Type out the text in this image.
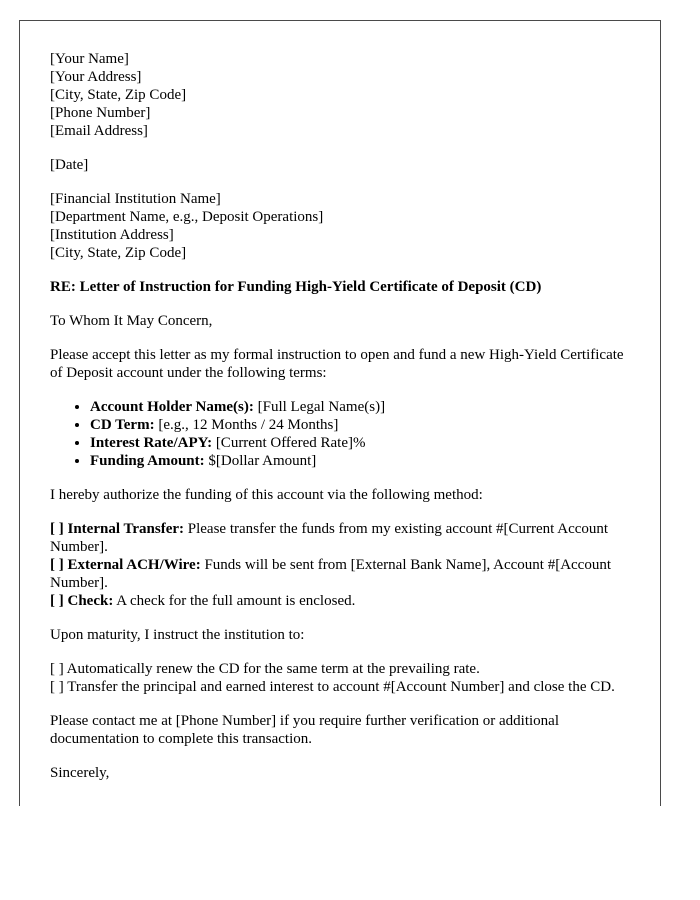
[Your Name]
[Your Address]
[City, State, Zip Code]
[Phone Number]
[Email Address]

[Date]

[Financial Institution Name]
[Department Name, e.g., Deposit Operations]
[Institution Address]
[City, State, Zip Code]

RE: Letter of Instruction for Funding High-Yield Certificate of Deposit (CD)

To Whom It May Concern,

Please accept this letter as my formal instruction to open and fund a new High-Yield Certificate of Deposit account under the following terms:

• Account Holder Name(s): [Full Legal Name(s)]
• CD Term: [e.g., 12 Months / 24 Months]
• Interest Rate/APY: [Current Offered Rate]%
• Funding Amount: $[Dollar Amount]

I hereby authorize the funding of this account via the following method:

[ ] Internal Transfer: Please transfer the funds from my existing account #[Current Account Number].
[ ] External ACH/Wire: Funds will be sent from [External Bank Name], Account #[Account Number].
[ ] Check: A check for the full amount is enclosed.

Upon maturity, I instruct the institution to:

[ ] Automatically renew the CD for the same term at the prevailing rate.
[ ] Transfer the principal and earned interest to account #[Account Number] and close the CD.

Please contact me at [Phone Number] if you require further verification or additional documentation to complete this transaction.

Sincerely,
